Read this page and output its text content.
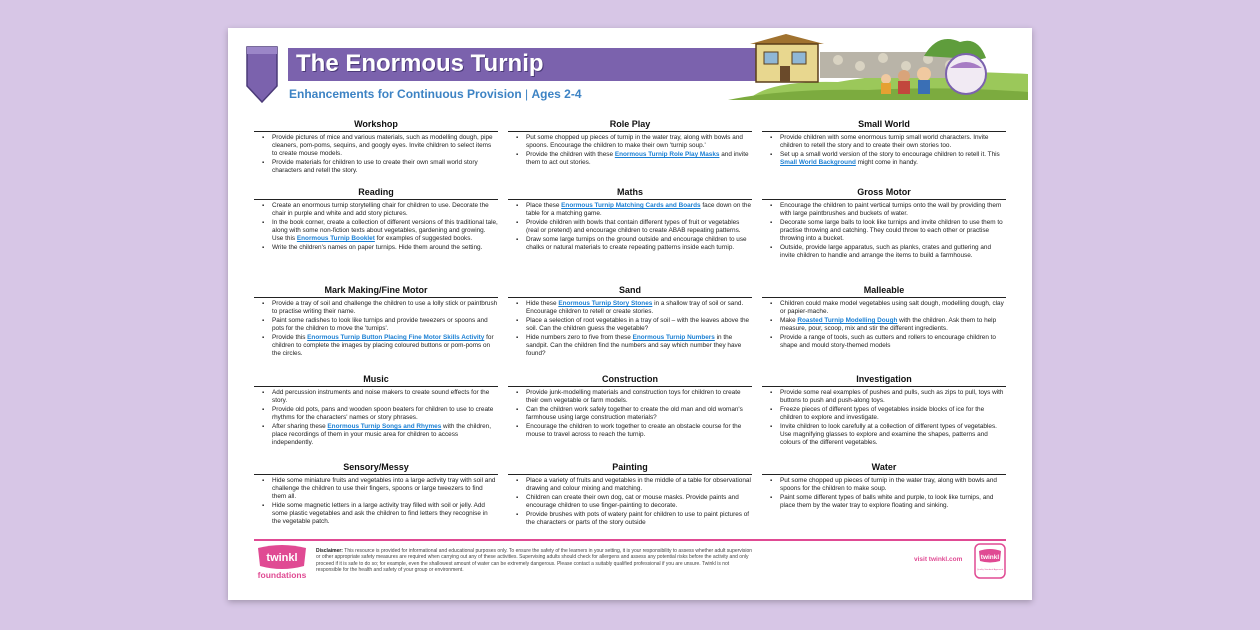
The Enormous Turnip
Enhancements for Continuous Provision | Ages 2-4
Workshop
▪ Provide pictures of mice and various materials, such as modelling dough, pipe cleaners, pom-poms, sequins, and googly eyes. Invite children to select items to create mouse models.
▪ Provide materials for children to use to create their own small world story characters and retell the story.
Reading
▪ Create an enormous turnip storytelling chair for children to use. Decorate the chair in purple and white and add story pictures.
▪ In the book corner, create a collection of different versions of this traditional tale, along with some non-fiction texts about vegetables, gardening and growing. Use this Enormous Turnip Booklet for examples of suggested books.
▪ Write the children's names on paper turnips. Hide them around the setting.
Mark Making/Fine Motor
▪ Provide a tray of soil and challenge the children to use a lolly stick or paintbrush to practise writing their name.
▪ Paint some radishes to look like turnips and provide tweezers or spoons and pots for the children to move the 'turnips'.
▪ Provide this Enormous Turnip Button Placing Fine Motor Skills Activity for children to complete the images by placing coloured buttons or pom-poms on the circles.
Music
▪ Add percussion instruments and noise makers to create sound effects for the story.
▪ Provide old pots, pans and wooden spoon beaters for children to use to create rhythms for the characters' names or story phrases.
▪ After sharing these Enormous Turnip Songs and Rhymes with the children, place recordings of them in your music area for children to access independently.
Sensory/Messy
▪ Hide some miniature fruits and vegetables into a large activity tray with soil and challenge the children to use their fingers, spoons or large tweezers to find them all.
▪ Hide some magnetic letters in a large activity tray filled with soil or jelly. Add some plastic vegetables and ask the children to find letters they recognise in the vegetable patch.
Role Play
▪ Put some chopped up pieces of turnip in the water tray, along with bowls and spoons. Encourage the children to make their own 'turnip soup.'
▪ Provide the children with these Enormous Turnip Role Play Masks and invite them to act out stories.
Maths
▪ Place these Enormous Turnip Matching Cards and Boards face down on the table for a matching game.
▪ Provide children with bowls that contain different types of fruit or vegetables (real or pretend) and encourage children to create ABAB repeating patterns.
▪ Draw some large turnips on the ground outside and encourage children to use chalks or natural materials to create repeating patterns inside each turnip.
Sand
▪ Hide these Enormous Turnip Story Stones in a shallow tray of soil or sand. Encourage children to retell or create stories.
▪ Place a selection of root vegetables in a tray of soil – with the leaves above the soil. Can the children guess the vegetable?
▪ Hide numbers zero to five from these Enormous Turnip Numbers in the sandpit. Can the children find the numbers and say which number they have found?
Construction
▪ Provide junk-modelling materials and construction toys for children to create their own vegetable or farm models.
▪ Can the children work safely together to create the old man and old woman's farmhouse using large construction materials?
▪ Encourage the children to work together to create an obstacle course for the mouse to travel across to reach the turnip.
Painting
▪ Place a variety of fruits and vegetables in the middle of a table for observational drawing and colour mixing and matching.
▪ Children can create their own dog, cat or mouse masks. Provide paints and encourage children to use finger-painting to decorate.
▪ Provide brushes with pots of watery paint for children to use to paint pictures of the characters or parts of the story outside
Small World
▪ Provide children with some enormous turnip small world characters. Invite children to retell the story and to create their own stories too.
▪ Set up a small world version of the story to encourage children to retell it. This Small World Background might come in handy.
Gross Motor
▪ Encourage the children to paint vertical turnips onto the wall by providing them with large paintbrushes and buckets of water.
▪ Decorate some large balls to look like turnips and invite children to use them to practise throwing and catching. They could throw to each other or practise throwing into a bucket.
▪ Outside, provide large apparatus, such as planks, crates and guttering and invite children to handle and arrange the items to build a farmhouse.
Malleable
▪ Children could make model vegetables using salt dough, modelling dough, clay or papier-mache.
▪ Make Roasted Turnip Modelling Dough with the children. Ask them to help measure, pour, scoop, mix and stir the different ingredients.
▪ Provide a range of tools, such as cutters and rollers to encourage children to shape and mould story-themed models
Investigation
▪ Provide some real examples of pushes and pulls, such as zips to pull, toys with buttons to push and push-along toys.
▪ Freeze pieces of different types of vegetables inside blocks of ice for the children to explore and investigate.
▪ Invite children to look carefully at a collection of different types of vegetables. Use magnifying glasses to explore and examine the shapes, patterns and colours of the different vegetables.
Water
▪ Put some chopped up pieces of turnip in the water tray, along with bowls and spoons for the children to make soup.
▪ Paint some different types of balls white and purple, to look like turnips, and place them by the water tray to explore floating and sinking.
twinkl
foundations
Disclaimer: This resource is provided for informational and educational purposes only. To ensure the safety of the learners in your setting, it is your responsibility to assess whether adult supervision or other appropriate safety measures are required when carrying out any of these activities. Supervising adults should check for allergens and assess any potential risks before the activity and only proceed if it is safe to do so; for example, even the shallowest amount of water can be extremely dangerous. Please contact a suitably qualified professional if you are unsure. Twinkl is not responsible for the health and safety of your group or environment.
visit twinkl.com	twinkl
Quality Standard Approved
